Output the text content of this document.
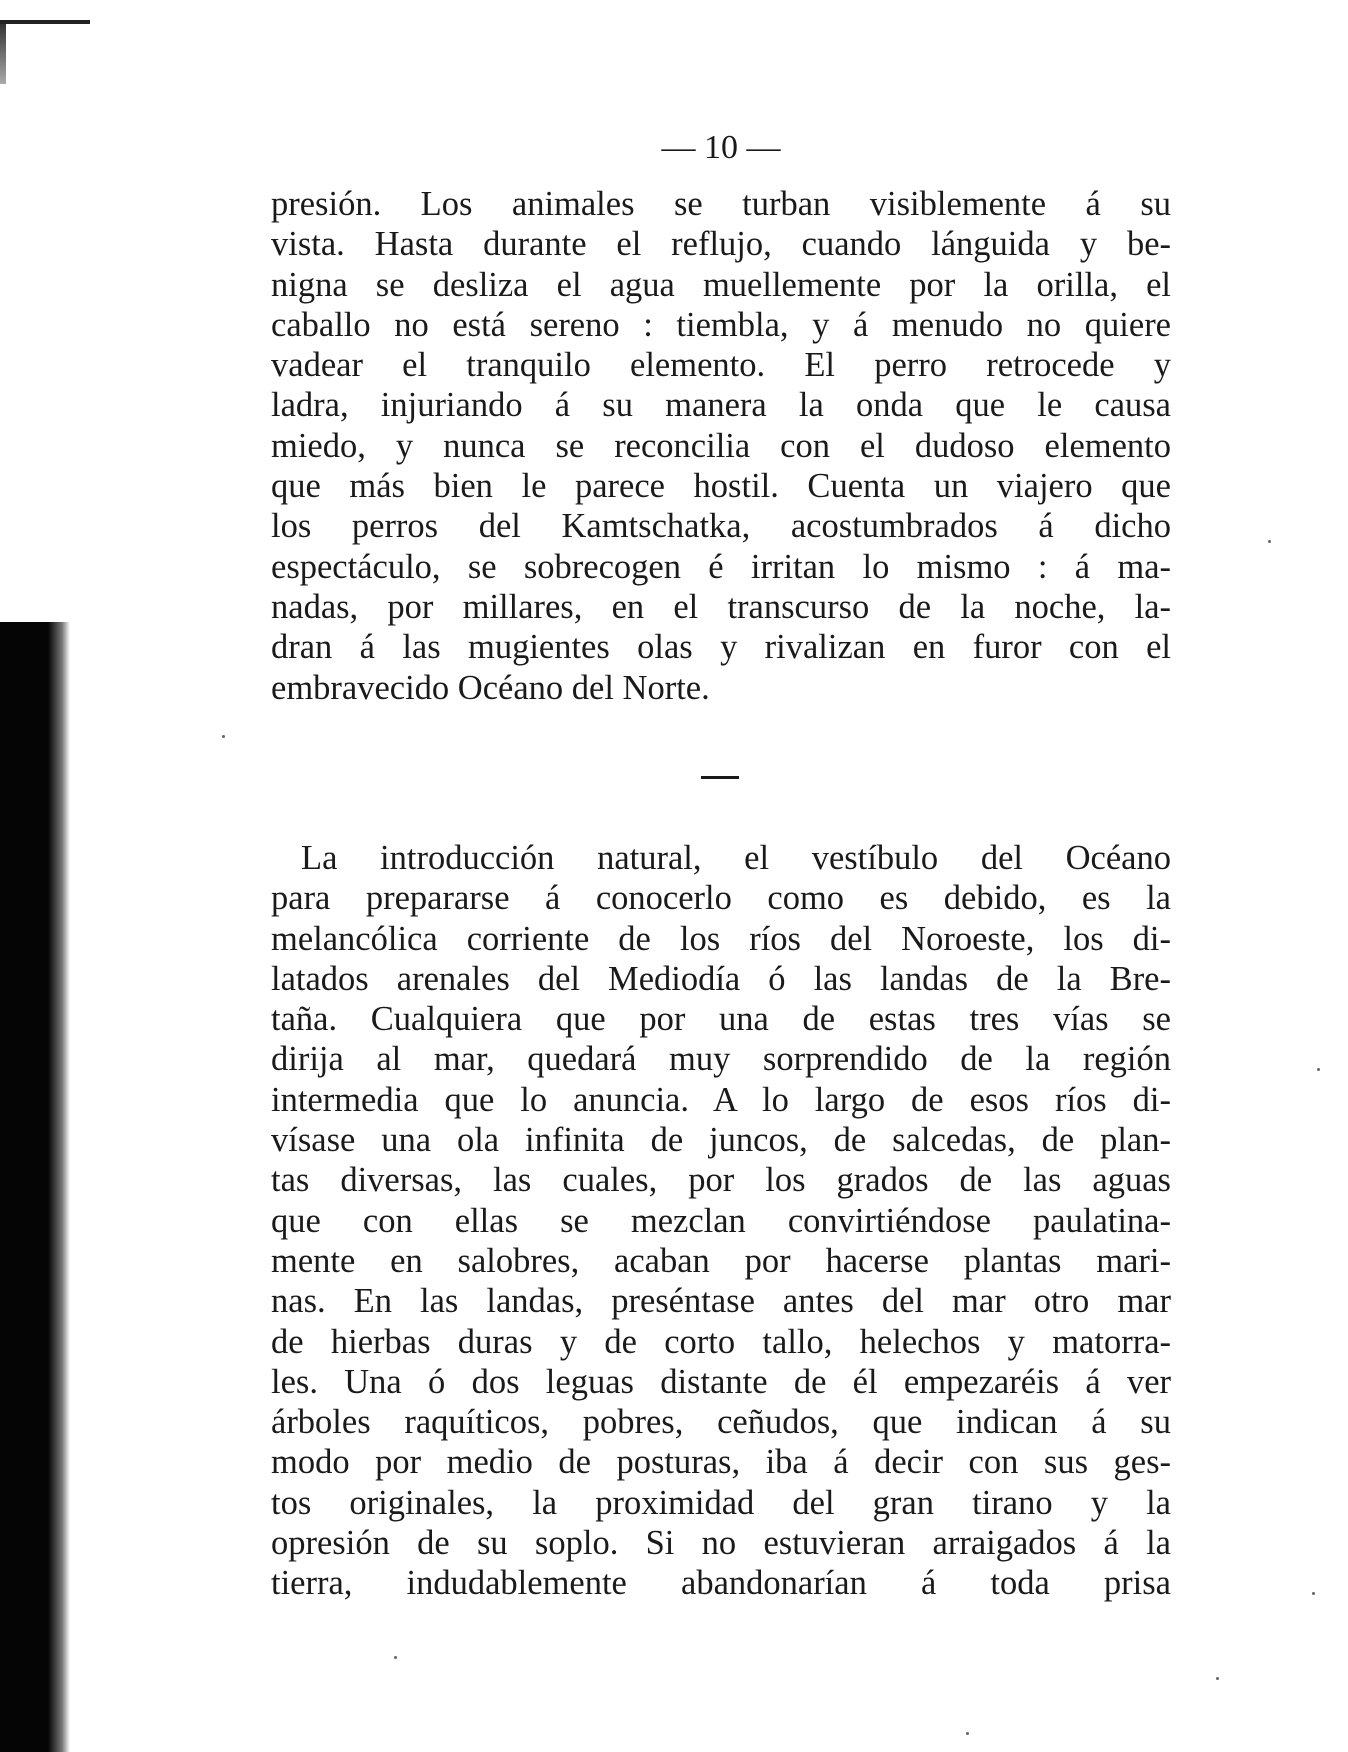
— 10 —
presión. Los animales se turban visiblemente á su
vista. Hasta durante el reflujo, cuando lánguida y be-
nigna se desliza el agua muellemente por la orilla, el
caballo no está sereno : tiembla, y á menudo no quiere
vadear el tranquilo elemento. El perro retrocede y
ladra, injuriando á su manera la onda que le causa
miedo, y nunca se reconcilia con el dudoso elemento
que más bien le parece hostil. Cuenta un viajero que
los perros del Kamtschatka, acostumbrados á dicho
espectáculo, se sobrecogen é irritan lo mismo : á ma-
nadas, por millares, en el transcurso de la noche, la-
dran á las mugientes olas y rivalizan en furor con el
embravecido Océano del Norte.
La introducción natural, el vestíbulo del Océano
para prepararse á conocerlo como es debido, es la
melancólica corriente de los ríos del Noroeste, los di-
latados arenales del Mediodía ó las landas de la Bre-
taña. Cualquiera que por una de estas tres vías se
dirija al mar, quedará muy sorprendido de la región
intermedia que lo anuncia. A lo largo de esos ríos di-
vísase una ola infinita de juncos, de salcedas, de plan-
tas diversas, las cuales, por los grados de las aguas
que con ellas se mezclan convirtiéndose paulatina-
mente en salobres, acaban por hacerse plantas mari-
nas. En las landas, preséntase antes del mar otro mar
de hierbas duras y de corto tallo, helechos y matorra-
les. Una ó dos leguas distante de él empezaréis á ver
árboles raquíticos, pobres, ceñudos, que indican á su
modo por medio de posturas, iba á decir con sus ges-
tos originales, la proximidad del gran tirano y la
opresión de su soplo. Si no estuvieran arraigados á la
tierra, indudablemente abandonarían á toda prisa
